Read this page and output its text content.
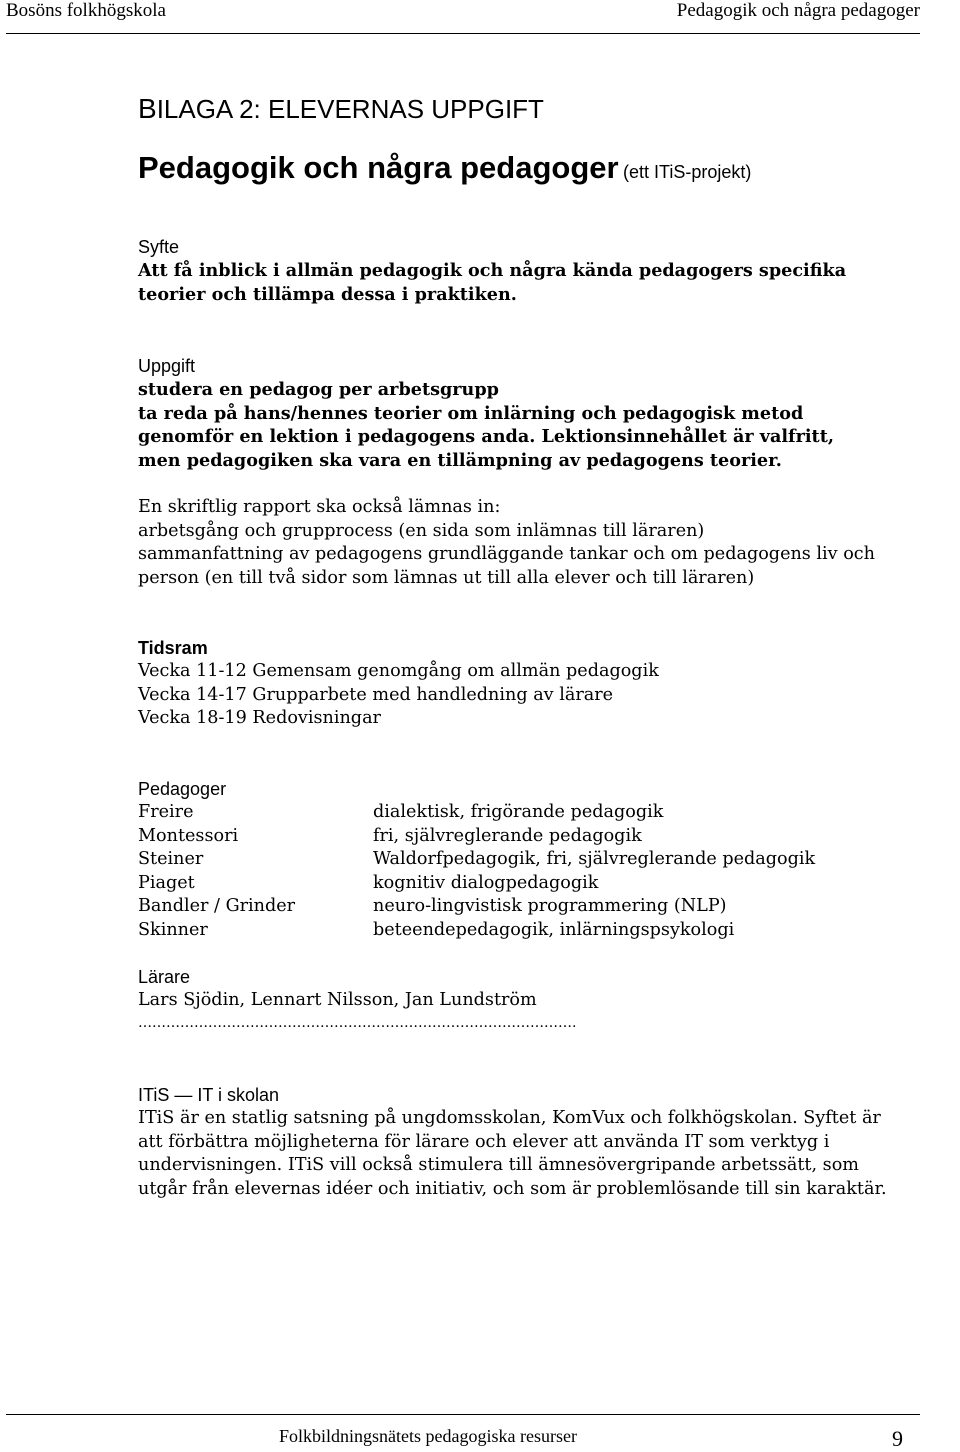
Bosöns folkhögskola	Pedagogik och några pedagoger
BILAGA 2: ELEVERNAS UPPGIFT
Pedagogik och några pedagoger (ett ITiS-projekt)
Syfte
Att få inblick i allmän pedagogik och några kända pedagogers specifika
teorier och tillämpa dessa i praktiken.
Uppgift
studera en pedagog per arbetsgrupp
ta reda på hans/hennes teorier om inlärning och pedagogisk metod
genomför en lektion i pedagogens anda. Lektionsinnehållet är valfritt,
men pedagogiken ska vara en tillämpning av pedagogens teorier.
En skriftlig rapport ska också lämnas in:
arbetsgång och grupprocess (en sida som inlämnas till läraren)
sammanfattning av pedagogens grundläggande tankar och om pedagogens liv och
person (en till två sidor som lämnas ut till alla elever och till läraren)
Tidsram
Vecka 11-12 Gemensam genomgång om allmän pedagogik
Vecka 14-17 Grupparbete med handledning av lärare
Vecka 18-19 Redovisningar
Pedagoger
Freire	dialektisk, frigörande pedagogik
Montessori	fri, självreglerande pedagogik
Steiner	Waldorfpedagogik, fri, självreglerande pedagogik
Piaget	kognitiv dialogpedagogik
Bandler / Grinder	neuro-lingvistisk programmering (NLP)
Skinner	beteendepedagogik, inlärningspsykologi
Lärare
Lars Sjödin, Lennart Nilsson, Jan Lundström
………………………………………………………………………………….
ITiS — IT i skolan
ITiS är en statlig satsning på ungdomsskolan, KomVux och folkhögskolan. Syftet är
att förbättra möjligheterna för lärare och elever att använda IT som verktyg i
undervisningen. ITiS vill också stimulera till ämnesövergripande arbetssätt, som
utgår från elevernas idéer och initiativ, och som är problemlösande till sin karaktär.
Folkbildningsnätets pedagogiska resurser	9
